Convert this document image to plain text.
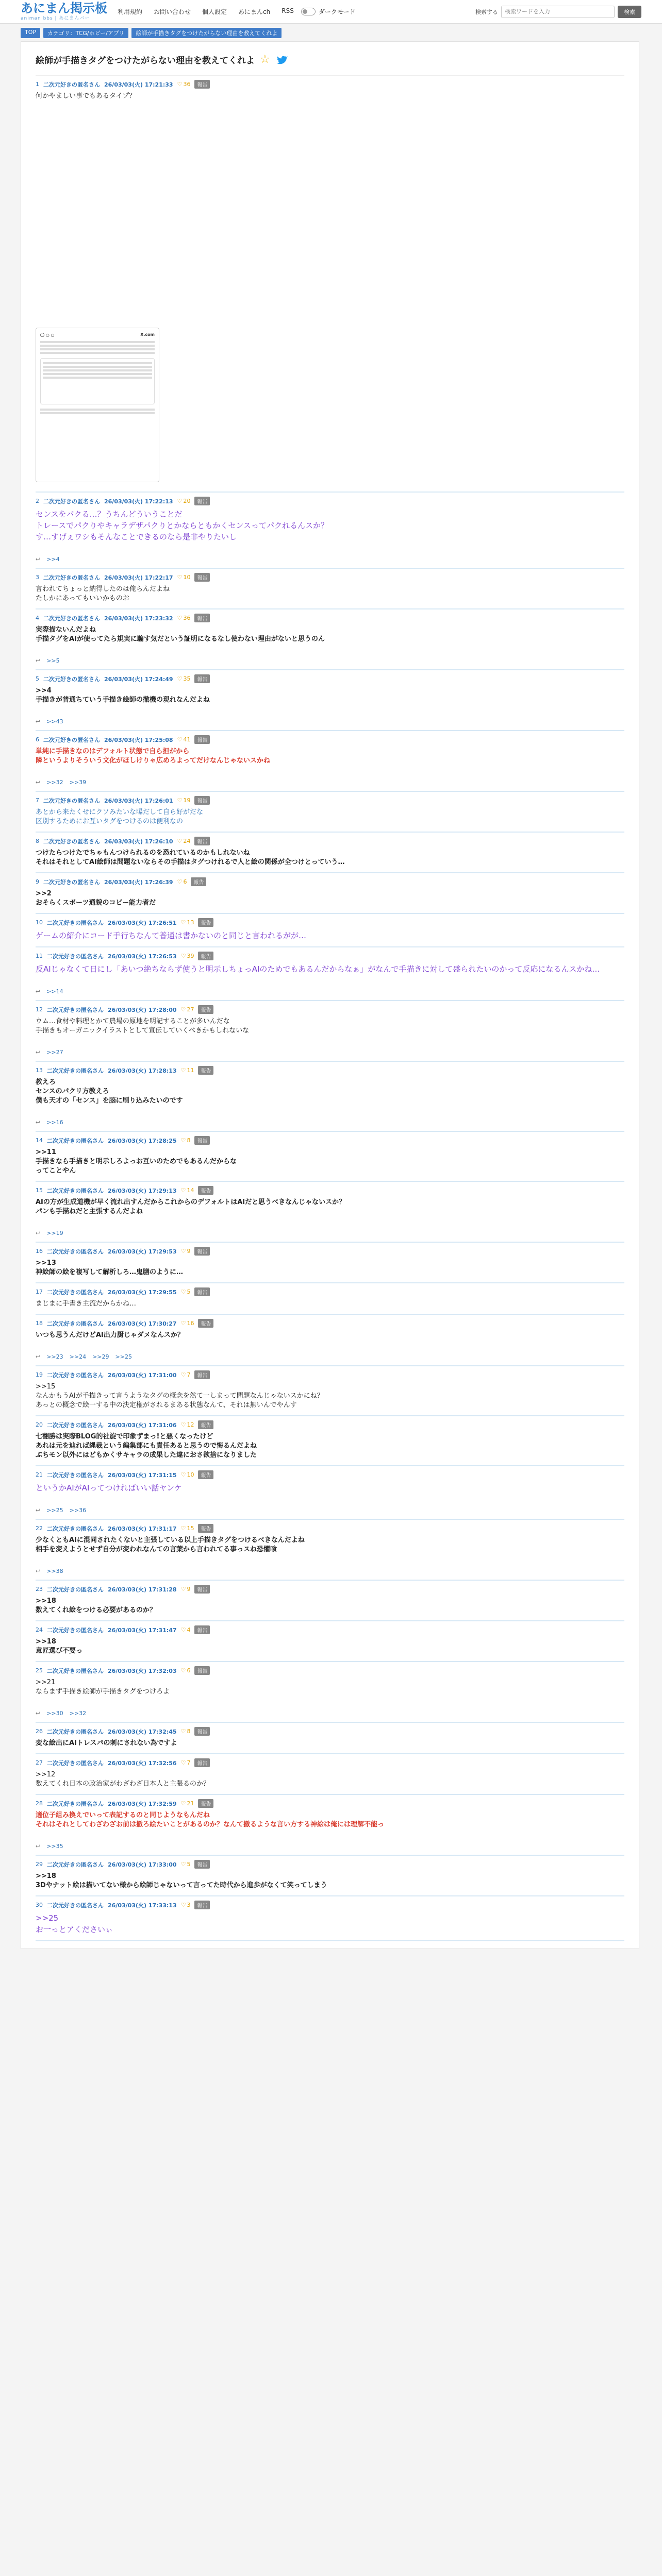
あにまん掲示板
animan bbs | あにまんバー
利用規約 お問い合わせ 個人設定 あにまんch RSS	ダークモード	検索する
検索ワードを入力	検索
TOP	カテゴリ：TCG/ホビー/アプリ	絵師が手描きタグをつけたがらない理由を教えてくれよ
絵師が手描きタグをつけたがらない理由を教えてくれよ ☆
1 二次元好きの匿名さん 26/03/03(火) 17:21:33 ♡ 36	報告
何かやましい事でもあるタイプ？
〇 ○ ○	X.com
2 二次元好きの匿名さん 26/03/03(火) 17:22:13 ♡ 20	報告
センスをパクる…？うちんどういうことだ
トレースでパクりやキャラデザパクりとかならともかくセンスってパクれるんスか？
す…すげぇワシもそんなことできるのなら是非やりたいし
↩ >>4
3 二次元好きの匿名さん 26/03/03(火) 17:22:17 ♡ 10	報告
言われてちょっと納得したのは俺らんだよね
たしかにあってもいいかものお
4 二次元好きの匿名さん 26/03/03(火) 17:23:32 ♡ 36	報告
実際描ないんだよね
手描タグをAIが使ってたら規実に騙す気だという証明になるなし使わない理由がないと思うのん
↩ >>5
5 二次元好きの匿名さん 26/03/03(火) 17:24:49 ♡ 35	報告
>>4
手描きが普通ちていう手描き絵師の撤機の現れなんだよね
↩ >>43
6 二次元好きの匿名さん 26/03/03(火) 17:25:08 ♡ 41	報告
単純に手描きなのはデフォルト状態で自ら担がから
隣というよりそういう文化がほしけりゃ広めろよってだけなんじゃないスかね
↩ >>32 >>39
7 二次元好きの匿名さん 26/03/03(火) 17:26:01 ♡ 19	報告
あとから来たくせにクソみたいな曝だして自ら好がだな
区別するためにお互いタグをつけるのは便利なの
8 二次元好きの匿名さん 26/03/03(火) 17:26:10 ♡ 24	報告
つけたらつけたでちゃもんつけられるのを恐れているのかもしれないね
それはそれとしてAI絵師は問題ないならその手描はタグつけれるで人と絵の関係が全つけとっていう…
9 二次元好きの匿名さん 26/03/03(火) 17:26:39 ♡ 6	報告
>>2
おそらくスポーツ通貌のコピー能力者だ
10 二次元好きの匿名さん 26/03/03(火) 17:26:51 ♡ 13	報告
ゲームの紹介にコード手行ちなんて普通は書かないのと同じと言われるがが…
11 二次元好きの匿名さん 26/03/03(火) 17:26:53 ♡ 39	報告
反AIじゃなくて日にし「あいつ絶ちならず使うと明示しちょっAIのためでもあるんだからなぁ」がなんで手描きに対して盛られたいのかって反応になるんスかね…
↩ >>14
12 二次元好きの匿名さん 26/03/03(火) 17:28:00 ♡ 27	報告
ウム…食材や料理とかて農場の原地を明記することが多いんだな
手描きもオーガニックイラストとして宣伝していくべきかもしれないな
↩ >>27
13 二次元好きの匿名さん 26/03/03(火) 17:28:13 ♡ 11	報告
教えろ
センスのパクリ方教えろ
僕も天才の「センス」を脳に刷り込みたいのです
↩ >>16
14 二次元好きの匿名さん 26/03/03(火) 17:28:25 ♡ 8	報告
>>11
手描きなら手描きと明示しろよっお互いのためでもあるんだからな
ってことやん
15 二次元好きの匿名さん 26/03/03(火) 17:29:13 ♡ 14	報告
AIの方が生成道機が早く流れ出すんだからこれからのデフォルトはAIだと思うべきなんじゃないスか？
パンも手描ねだと主張するんだよね
↩ >>19
16 二次元好きの匿名さん 26/03/03(火) 17:29:53 ♡ 9	報告
>>13
神絵師の絵を複写して解析しろ…鬼膳のように…
17 二次元好きの匿名さん 26/03/03(火) 17:29:55 ♡ 5	報告
まじまに手書き主流だからかね…
18 二次元好きの匿名さん 26/03/03(火) 17:30:27 ♡ 16	報告
いつも思うんだけどAI出力厨じゃダメなんスか？
↩ >>23 >>24 >>29 >>25
19 二次元好きの匿名さん 26/03/03(火) 17:31:00 ♡ 7	報告
>>15
なんかもうAIが手描きって言うようなタグの概念を然て一しまって問題なんじゃないスかにね？
あっとの概念で絵一する中の決定権がされるまある状態なんて、それは無いんでやんす
20 二次元好きの匿名さん 26/03/03(火) 17:31:06 ♡ 12	報告
七翻勝は実際BLOG的社旋で印象ずまっ!と悪くなったけど
あれは元を辿れば縄裁という編集部にも責任あると思うので悔るんだよね
ぶちモン以外にはどもかくサキャラの成果した違におさ欲捨になりました
21 二次元好きの匿名さん 26/03/03(火) 17:31:15 ♡ 10	報告
というかAIがAIってつければいい話ヤンケ
↩ >>25 >>36
22 二次元好きの匿名さん 26/03/03(火) 17:31:17 ♡ 15	報告
少なくともAIに混同されたくないと主張している以上手描きタグをつけるべきなんだよね
相手を変えようとせず自分が変われなんての言葉から言われてる事っスね恐懼喰
↩ >>38
23 二次元好きの匿名さん 26/03/03(火) 17:31:28 ♡ 9	報告
>>18
数えてくれ絵をつける必要があるのか？
24 二次元好きの匿名さん 26/03/03(火) 17:31:47 ♡ 4	報告
>>18
意匠選び不要っ
25 二次元好きの匿名さん 26/03/03(火) 17:32:03 ♡ 6	報告
>>21
ならまず手描き絵師が手描きタグをつけろよ
↩ >>30 >>32
26 二次元好きの匿名さん 26/03/03(火) 17:32:45 ♡ 8	報告
変な絵出にAIトレスパの刺にされない為ですよ
27 二次元好きの匿名さん 26/03/03(火) 17:32:56 ♡ 7	報告
>>12
数えてくれ日本の政治家がわざわざ日本人と主張るのか？
28 二次元好きの匿名さん 26/03/03(火) 17:32:59 ♡ 21	報告
適位子組み換えでいって表記するのと同じようなもんだね
それはそれとしてわざわざお前は撤ろ絵たいことがあるのか？なんて撤るような言い方する神絵は俺には理解不能っ
↩ >>35
29 二次元好きの匿名さん 26/03/03(火) 17:33:00 ♡ 5	報告
>>18
3Dやナット絵は描いてない様から絵師じゃないって言ってた時代から進歩がなくて笑ってしまう
30 二次元好きの匿名さん 26/03/03(火) 17:33:13 ♡ 3	報告
>>25
お一っとアくださいぃ
